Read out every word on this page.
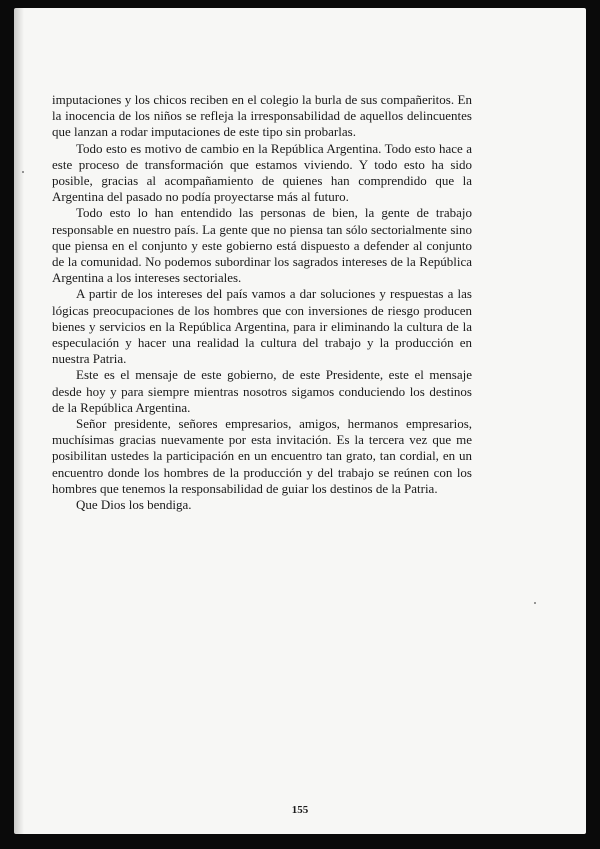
imputaciones y los chicos reciben en el colegio la burla de sus compañeritos. En la inocencia de los niños se refleja la irresponsabilidad de aquellos delincuentes que lanzan a rodar imputaciones de este tipo sin probarlas.

Todo esto es motivo de cambio en la República Argentina. Todo esto hace a este proceso de transformación que estamos viviendo. Y todo esto ha sido posible, gracias al acompañamiento de quienes han comprendido que la Argentina del pasado no podía proyectarse más al futuro.

Todo esto lo han entendido las personas de bien, la gente de trabajo responsable en nuestro país. La gente que no piensa tan sólo sectorialmente sino que piensa en el conjunto y este gobierno está dispuesto a defender al conjunto de la comunidad. No podemos subordinar los sagrados intereses de la República Argentina a los intereses sectoriales.

A partir de los intereses del país vamos a dar soluciones y respuestas a las lógicas preocupaciones de los hombres que con inversiones de riesgo producen bienes y servicios en la República Argentina, para ir eliminando la cultura de la especulación y hacer una realidad la cultura del trabajo y la producción en nuestra Patria.

Este es el mensaje de este gobierno, de este Presidente, este el mensaje desde hoy y para siempre mientras nosotros sigamos conduciendo los destinos de la República Argentina.

Señor presidente, señores empresarios, amigos, hermanos empresarios, muchísimas gracias nuevamente por esta invitación. Es la tercera vez que me posibilitan ustedes la participación en un encuentro tan grato, tan cordial, en un encuentro donde los hombres de la producción y del trabajo se reúnen con los hombres que tenemos la responsabilidad de guiar los destinos de la Patria.

Que Dios los bendiga.

155
